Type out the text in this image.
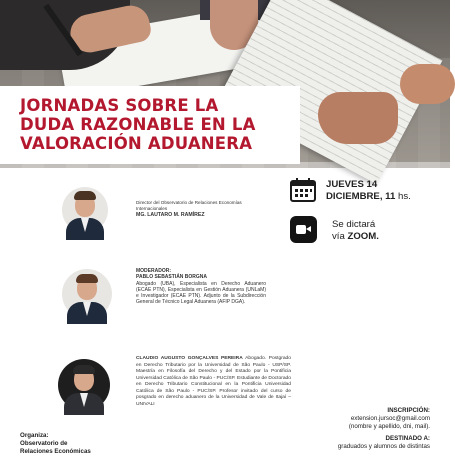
JORNADAS SOBRE LA
DUDA RAZONABLE EN LA
VALORACIÓN ADUANERA
Director del Observatorio de Relaciones Economías Internacionales
MG. LAUTARO M. RAMÍREZ
MODERADOR:
PABLO SEBASTIÁN BORGNA
Abogado (UBA), Especialista en Derecho Aduanero (ECAE PTN), Especialista en Gestión Aduanera (UNLaM) e Investigador (ECAE PTN). Adjunto de la Subdirección General de Técnico Legal Aduanera (AFIP DGA).
CLAUDIO AUGUSTO GONÇALVES PEREIRA Abogado. Postgrado en Derecho Tributario por la Universidad de São Paulo - USP/SP. Maestría en Filosofía del Derecho y del Estado por la Pontificia Universidad Católica de São Paulo - PUC/SP. Estudiante de Doctorado en Derecho Tributario Constitucional en la Pontificia Universidad Católica de São Paulo - PUC/SP. Profesor invitado del curso de posgrado en derecho aduanero de la Universidad de Vale de Itajaí – UNIVALI
JUEVES 14
DICIEMBRE, 11 hs.
Se dictará
vía ZOOM.
Organiza:
Observatorio de
Relaciones Económicas
INSCRIPCIÓN:
extension.jursoc@gmail.com
(nombre y apellido, dni, mail).
DESTINADO A:
graduados y alumnos de distintas
